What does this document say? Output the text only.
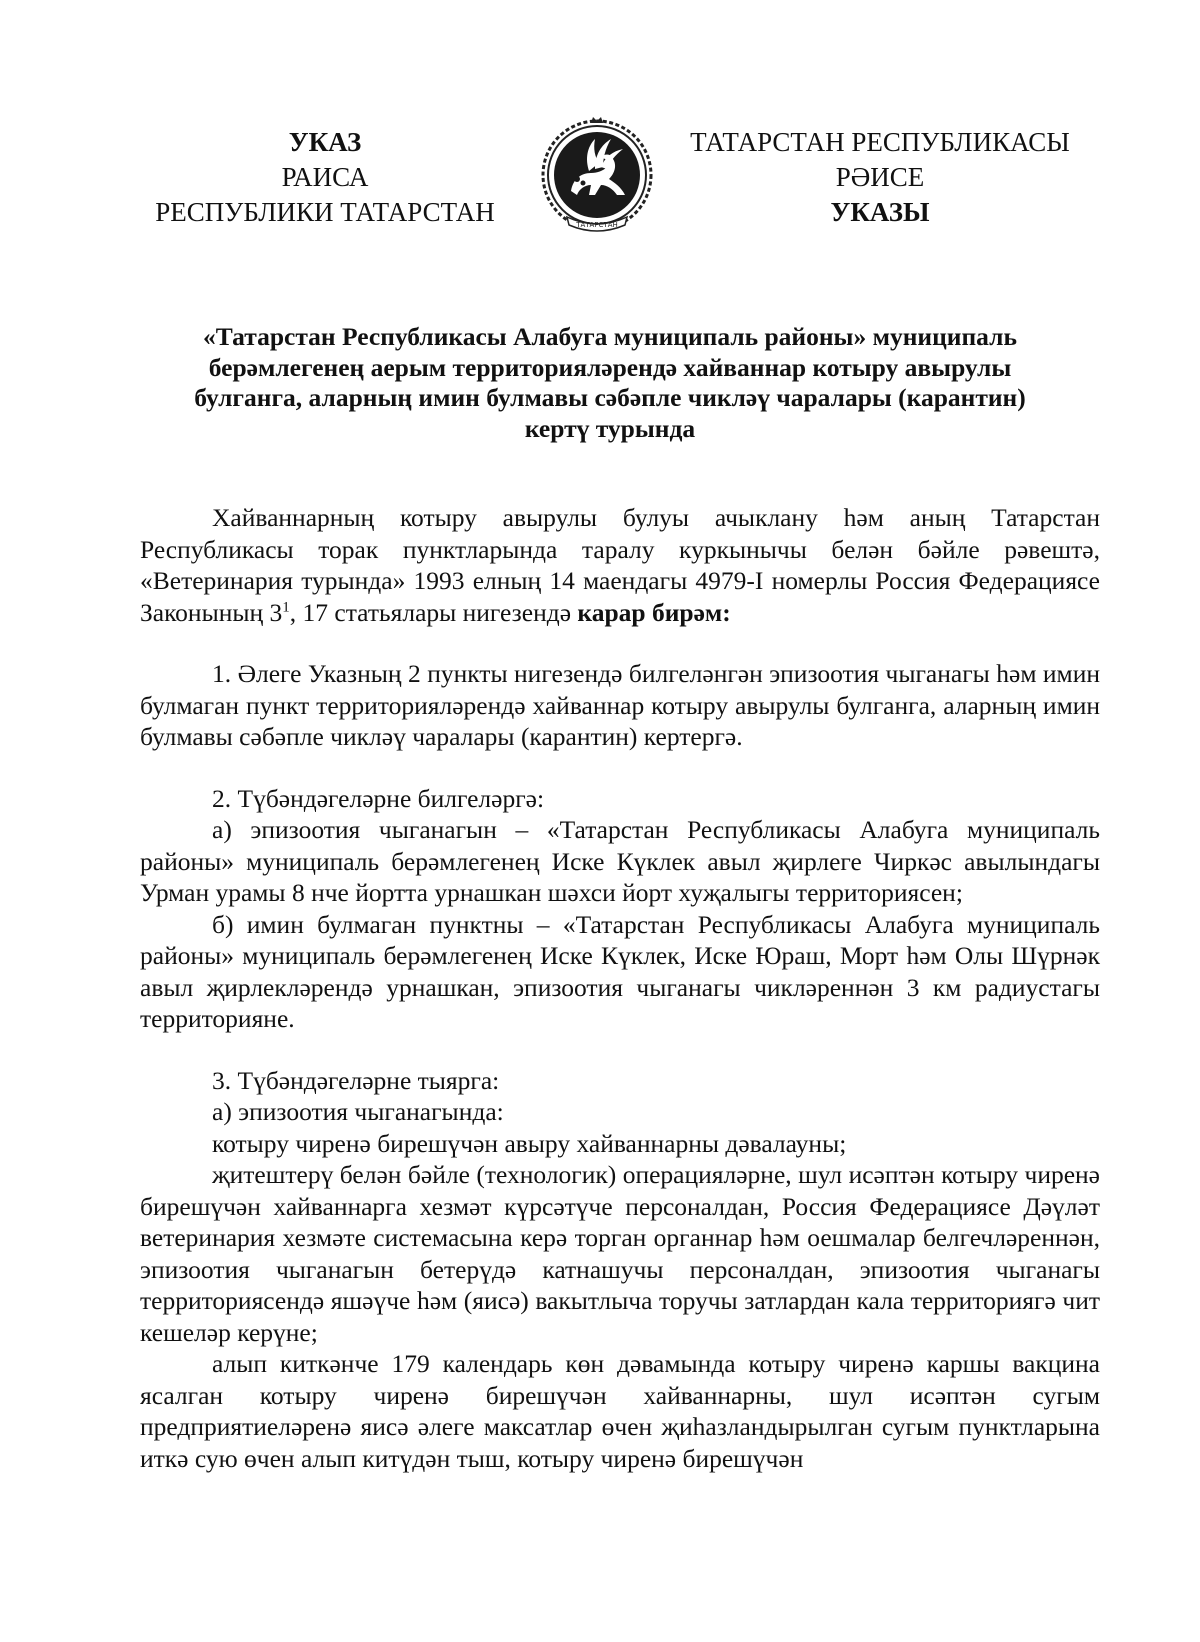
УКАЗ
РАИСА
РЕСПУБЛИКИ ТАТАРСТАН	ТАТАРСТАН
ТАТАРСТАН РЕСПУБЛИКАСЫ
РӘИСЕ
УКАЗЫ
«Татарстан Республикасы Алабуга муниципаль районы» муниципаль
берәмлегенең аерым территорияләрендә хайваннар котыру авырулы
булганга, аларның имин булмавы сәбәпле чикләү чаралары (карантин)
кертү турында

Хайваннарның котыру авырулы булуы ачыклану һәм аның Татарстан Республикасы торак пунктларында таралу куркынычы белән бәйле рәвештә, «Ветеринария турында» 1993 елның 14 маендагы 4979-I номерлы Россия Федерациясе Законының $3^1$, 17 статьялары нигезендә карар бирәм:

1. Әлеге Указның 2 пункты нигезендә билгеләнгән эпизоотия чыганагы һәм имин булмаган пункт территорияләрендә хайваннар котыру авырулы булганга, аларның имин булмавы сәбәпле чикләү чаралары (карантин) кертергә.

2. Түбәндәгеләрне билгеләргә:

а) эпизоотия чыганагын – «Татарстан Республикасы Алабуга муниципаль районы» муниципаль берәмлегенең Иске Күклек авыл җирлеге Чиркәс авылындагы Урман урамы 8 нче йортта урнашкан шәхси йорт хуҗалыгы территориясен;

б) имин булмаган пунктны – «Татарстан Республикасы Алабуга муниципаль районы» муниципаль берәмлегенең Иске Күклек, Иске Юраш, Морт һәм Олы Шүрнәк авыл җирлекләрендә урнашкан, эпизоотия чыганагы чикләреннән 3 км радиустагы территорияне.

3. Түбәндәгеләрне тыярга:

а) эпизоотия чыганагында:

котыру чиренә бирешүчән авыру хайваннарны дәвалауны;

җитештерү белән бәйле (технологик) операцияләрне, шул исәптән котыру чиренә бирешүчән хайваннарга хезмәт күрсәтүче персоналдан, Россия Федерациясе Дәүләт ветеринария хезмәте системасына керә торган органнар һәм оешмалар белгечләреннән, эпизоотия чыганагын бетерүдә катнашучы персоналдан, эпизоотия чыганагы территориясендә яшәүче һәм (яисә) вакытлыча торучы затлардан кала территориягә чит кешеләр керүне;

алып киткәнче 179 календарь көн дәвамында котыру чиренә каршы вакцина ясалган котыру чиренә бирешүчән хайваннарны, шул исәптән сугым предприятиеләренә яисә әлеге максатлар өчен җиһазландырылган сугым пунктларына иткә сую өчен алып китүдән тыш, котыру чиренә бирешүчән
